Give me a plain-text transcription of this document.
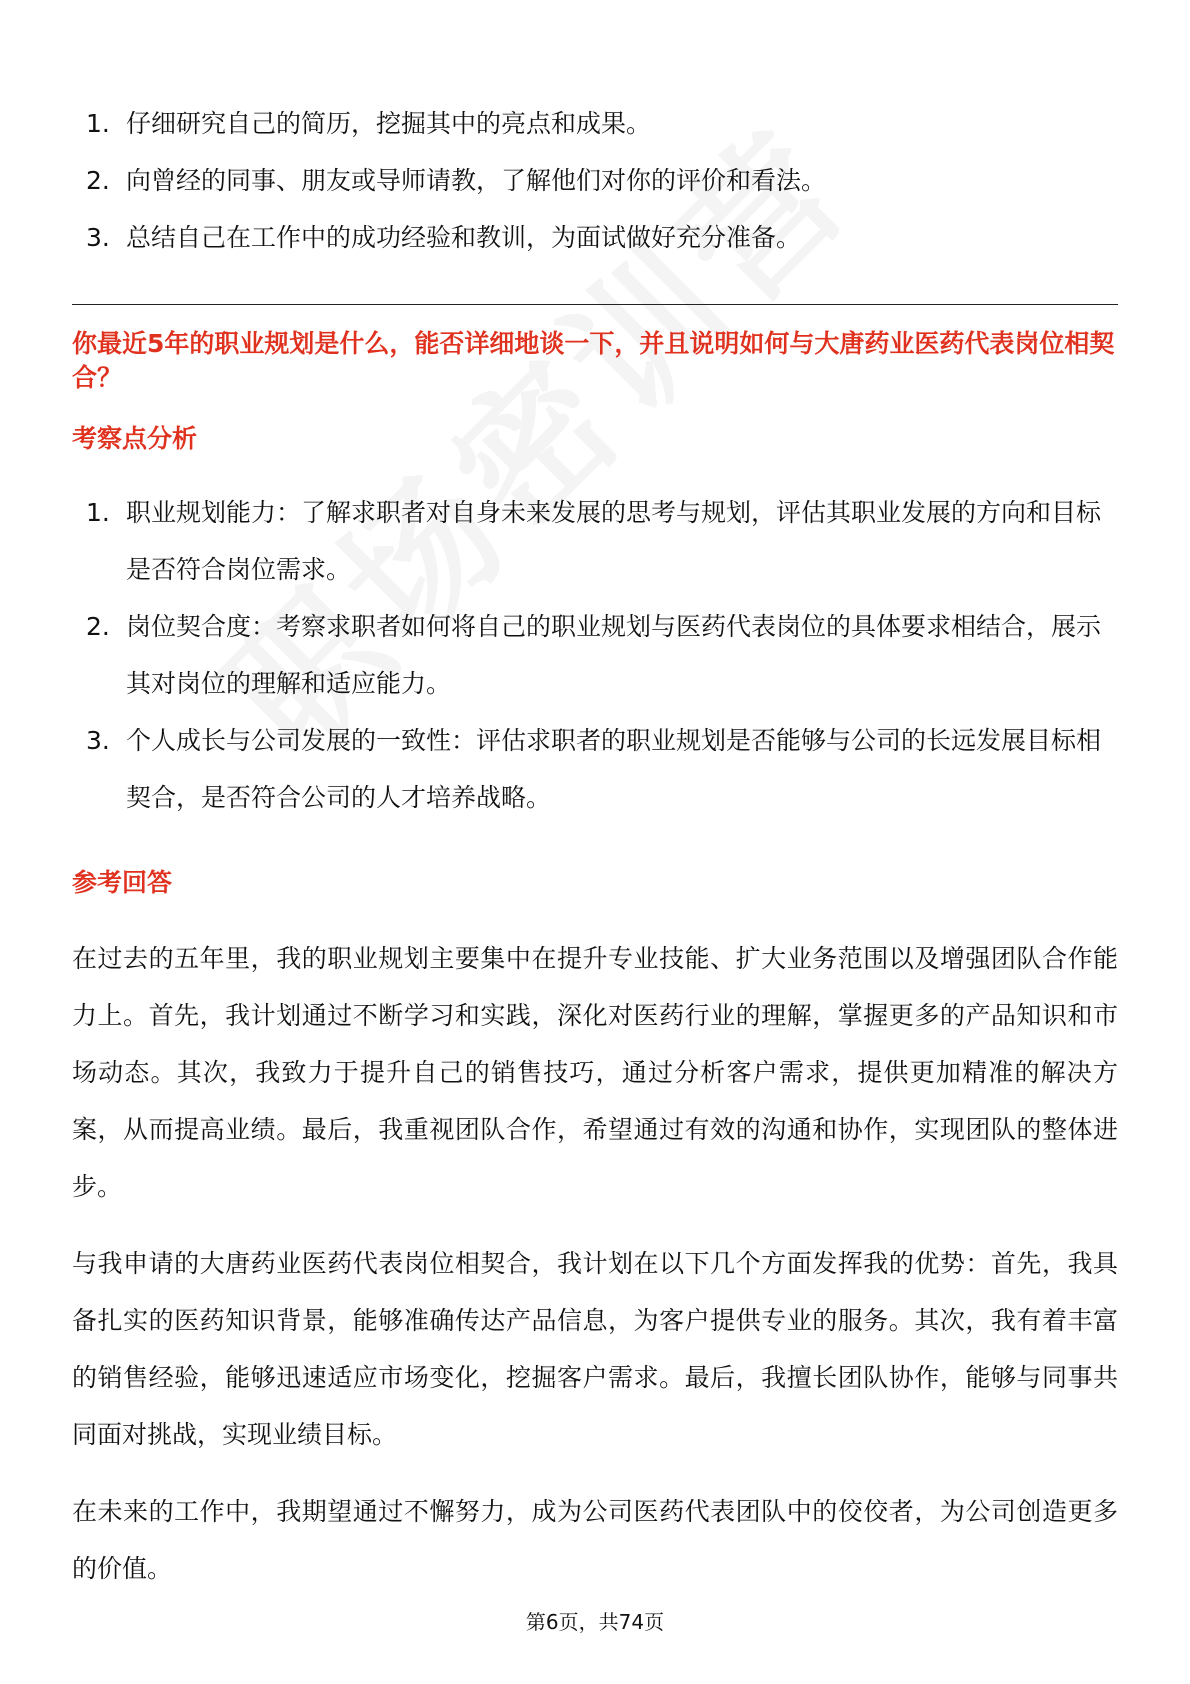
1. 仔细研究自己的简历，挖掘其中的亮点和成果。
2. 向曾经的同事、朋友或导师请教，了解他们对你的评价和看法。
3. 总结自己在工作中的成功经验和教训，为面试做好充分准备。
你最近5年的职业规划是什么，能否详细地谈一下，并且说明如何与大唐药业医药代表岗位相契合？
考察点分析
1. 职业规划能力：了解求职者对自身未来发展的思考与规划，评估其职业发展的方向和目标是否符合岗位需求。
2. 岗位契合度：考察求职者如何将自己的职业规划与医药代表岗位的具体要求相结合，展示其对岗位的理解和适应能力。
3. 个人成长与公司发展的一致性：评估求职者的职业规划是否能够与公司的长远发展目标相契合，是否符合公司的人才培养战略。
参考回答

在过去的五年里，我的职业规划主要集中在提升专业技能、扩大业务范围以及增强团队合作能力上。首先，我计划通过不断学习和实践，深化对医药行业的理解，掌握更多的产品知识和市场动态。其次，我致力于提升自己的销售技巧，通过分析客户需求，提供更加精准的解决方案，从而提高业绩。最后，我重视团队合作，希望通过有效的沟通和协作，实现团队的整体进步。

与我申请的大唐药业医药代表岗位相契合，我计划在以下几个方面发挥我的优势：首先，我具备扎实的医药知识背景，能够准确传达产品信息，为客户提供专业的服务。其次，我有着丰富的销售经验，能够迅速适应市场变化，挖掘客户需求。最后，我擅长团队协作，能够与同事共同面对挑战，实现业绩目标。

在未来的工作中，我期望通过不懈努力，成为公司医药代表团队中的佼佼者，为公司创造更多的价值。

第6页，共74页
